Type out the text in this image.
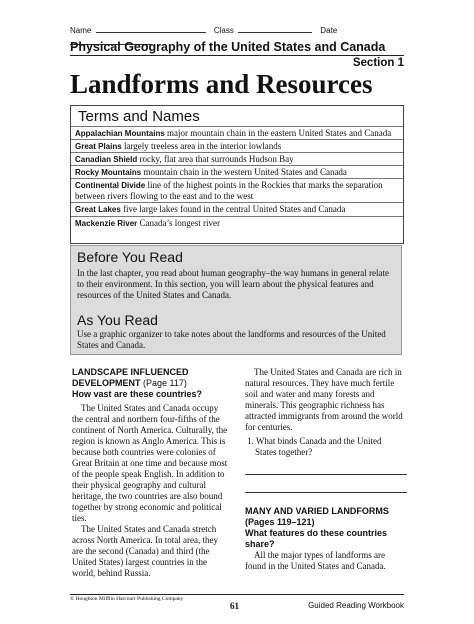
Name	Class	Date
Physical Geography of the United States and Canada
Section 1
Landforms and Resources
Terms and Names
Appalachian Mountains major mountain chain in the eastern United States and Canada
Great Plains largely treeless area in the interior lowlands
Canadian Shield rocky, flat area that surrounds Hudson Bay
Rocky Mountains mountain chain in the western United States and Canada
Continental Divide line of the highest points in the Rockies that marks the separation between rivers flowing to the east and to the west
Great Lakes five large lakes found in the central United States and Canada
Mackenzie River Canada’s longest river
Before You Read
In the last chapter, you read about human geography–the way humans in general relate to their environment. In this section, you will learn about the physical features and resources of the United States and Canada.
As You Read
Use a graphic organizer to take notes about the landforms and resources of the United States and Canada.
LANDSCAPE INFLUENCED
DEVELOPMENT (Page 117)
How vast are these countries?
The United States and Canada occupy the central and northern four-fifths of the continent of North America. Culturally, the region is known as Anglo America. This is because both countries were colonies of Great Britain at one time and because most of the people speak English. In addition to their physical geography and cultural heritage, the two countries are also bound together by strong economic and political ties.
The United States and Canada stretch across North America. In total area, they are the second (Canada) and third (the United States) largest countries in the world, behind Russia.
The United States and Canada are rich in natural resources. They have much fertile soil and water and many forests and minerals. This geographic richness has attracted immigrants from around the world for centuries.
1. What binds Canada and the United States together?
MANY AND VARIED LANDFORMS
(Pages 119–121)
What features do these countries share?
All the major types of landforms are found in the United States and Canada.
© Houghton Mifflin Harcourt Publishing Company
61	Guided Reading Workbook
